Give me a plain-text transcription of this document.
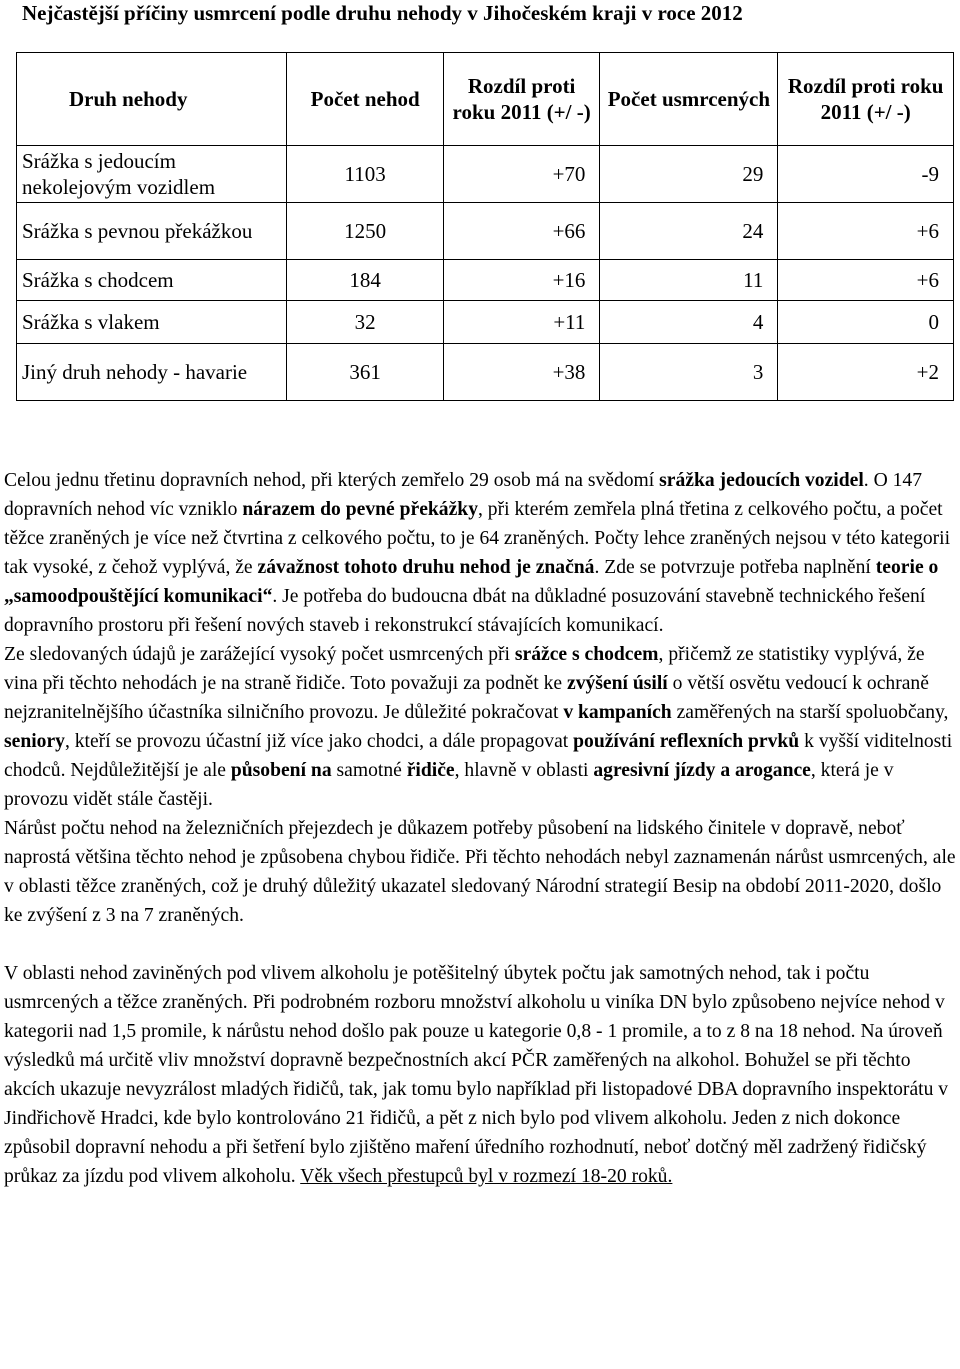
Nejčastější příčiny usmrcení podle druhu nehody v Jihočeském kraji v roce 2012
Druh nehody	Počet nehod	Rozdíl proti roku 2011 (+/ -)	Počet usmrcených	Rozdíl proti roku 2011 (+/ -)
Srážka s jedoucím nekolejovým vozidlem	1103	+70	29	-9
Srážka s pevnou překážkou	1250	+66	24	+6
Srážka s chodcem	184	+16	11	+6
Srážka s vlakem	32	+11	4	0
Jiný druh nehody - havarie	361	+38	3	+2

Celou jednu třetinu dopravních nehod, při kterých zemřelo 29 osob má na svědomí srážka jedoucích vozidel. O 147 dopravních nehod víc vzniklo nárazem do pevné překážky, při kterém zemřela plná třetina z celkového počtu, a počet těžce zraněných je více než čtvrtina z celkového počtu, to je 64 zraněných. Počty lehce zraněných nejsou v této kategorii tak vysoké, z čehož vyplývá, že závažnost tohoto druhu nehod je značná. Zde se potvrzuje potřeba naplnění teorie o „samoodpouštějící komunikaci“. Je potřeba do budoucna dbát na důkladné posuzování stavebně technického řešení dopravního prostoru při řešení nových staveb i rekonstrukcí stávajících komunikací.

Ze sledovaných údajů je zarážející vysoký počet usmrcených při srážce s chodcem, přičemž ze statistiky vyplývá, že vina při těchto nehodách je na straně řidiče. Toto považuji za podnět ke zvýšení úsilí o větší osvětu vedoucí k ochraně nejzranitelnějšího účastníka silničního provozu. Je důležité pokračovat v kampaních zaměřených na starší spoluobčany, seniory, kteří se provozu účastní již více jako chodci, a dále propagovat používání reflexních prvků k vyšší viditelnosti chodců. Nejdůležitější je ale působení na samotné řidiče, hlavně v oblasti agresivní jízdy a arogance, která je v provozu vidět stále častěji.

Nárůst počtu nehod na železničních přejezdech je důkazem potřeby působení na lidského činitele v dopravě, neboť naprostá většina těchto nehod je způsobena chybou řidiče. Při těchto nehodách nebyl zaznamenán nárůst usmrcených, ale v oblasti těžce zraněných, což je druhý důležitý ukazatel sledovaný Národní strategií Besip na období 2011-2020, došlo ke zvýšení z 3 na 7 zraněných.

V oblasti nehod zaviněných pod vlivem alkoholu je potěšitelný úbytek počtu jak samotných nehod, tak i počtu usmrcených a těžce zraněných. Při podrobném rozboru množství alkoholu u viníka DN bylo způsobeno nejvíce nehod v kategorii nad 1,5 promile, k nárůstu nehod došlo pak pouze u kategorie 0,8 - 1 promile, a to z 8 na 18 nehod. Na úroveň výsledků má určitě vliv množství dopravně bezpečnostních akcí PČR zaměřených na alkohol. Bohužel se při těchto akcích ukazuje nevyzrálost mladých řidičů, tak, jak tomu bylo například při listopadové DBA dopravního inspektorátu v Jindřichově Hradci, kde bylo kontrolováno 21 řidičů, a pět z nich bylo pod vlivem alkoholu. Jeden z nich dokonce způsobil dopravní nehodu a při šetření bylo zjištěno maření úředního rozhodnutí, neboť dotčný měl zadržený řidičský průkaz za jízdu pod vlivem alkoholu. Věk všech přestupců byl v rozmezí 18-20 roků.
